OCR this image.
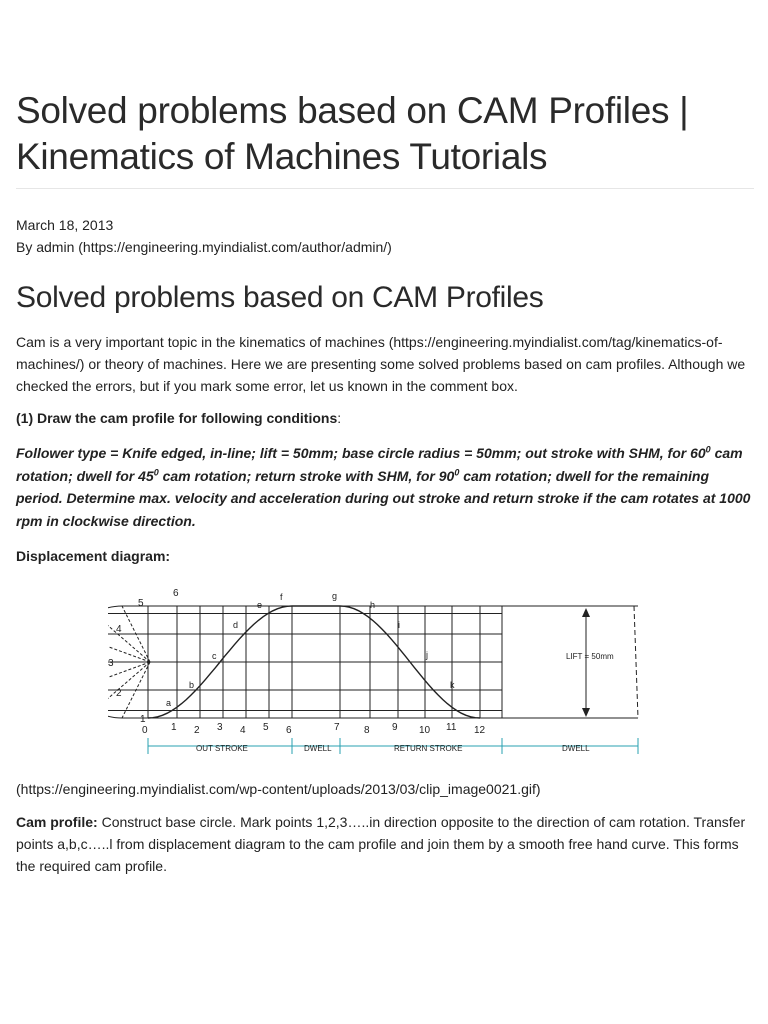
Solved problems based on CAM Profiles | Kinematics of Machines Tutorials
March 18, 2013
By admin (https://engineering.myindialist.com/author/admin/)
Solved problems based on CAM Profiles

Cam is a very important topic in the kinematics of machines (https://engineering.myindialist.com/tag/kinematics-of-machines/) or theory of machines. Here we are presenting some solved problems based on cam profiles. Although we checked the errors, but if you mark some error, let us known in the comment box.

(1) Draw the cam profile for following conditions:

Follower type = Knife edged, in-line; lift = 50mm; base circle radius = 50mm; out stroke with SHM, for $60^0$ cam rotation; dwell for $45^0$ cam rotation; return stroke with SHM, for $90^0$ cam rotation; dwell for the remaining period. Determine max. velocity and acceleration during out stroke and return stroke if the cam rotates at 1000 rpm in clockwise direction.

Displacement diagram:

0 1 2 3 4 5 6	7 8 9 10 11 12
a
b
c
d
e
f	g
h
i
j
k
l
1
2
3
4
5
6
LIFT = 50mm
OUT STROKE	DWELL	RETURN STROKE	DWELL

(https://engineering.myindialist.com/wp-content/uploads/2013/03/clip_image0021.gif)

Cam profile: Construct base circle. Mark points 1,2,3…..in direction opposite to the direction of cam rotation. Transfer points a,b,c…..l from displacement diagram to the cam profile and join them by a smooth free hand curve. This forms the required cam profile.
